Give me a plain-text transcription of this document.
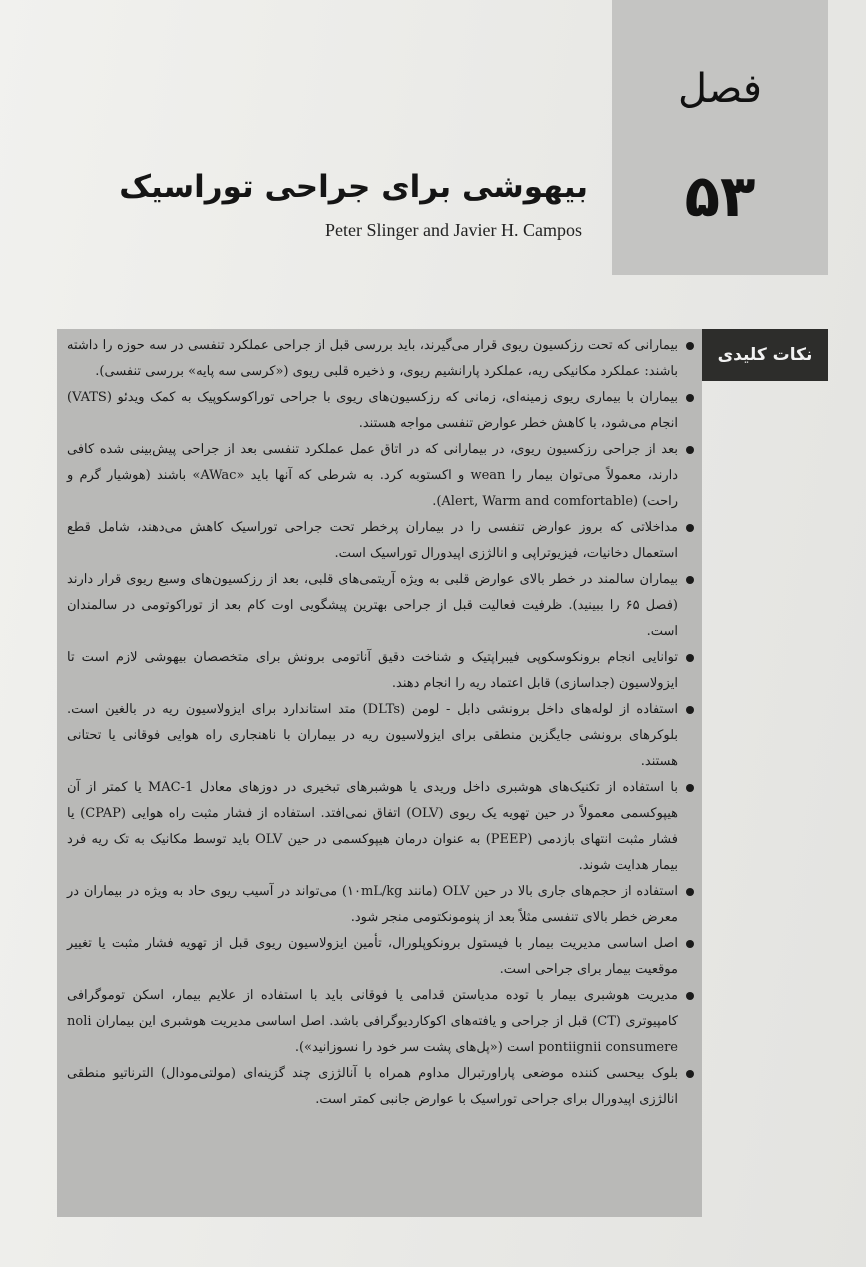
فصل
۵۳
بیهوشی برای جراحی توراسیک
Peter Slinger and Javier H. Campos
نکات کلیدی
بیمارانی که تحت رزکسیون ریوی قرار می‌گیرند، باید بررسی قبل از جراحی عملکرد تنفسی در سه حوزه را داشته باشند: عملکرد مکانیکی ریه، عملکرد پارانشیم ریوی، و ذخیره قلبی ریوی («کرسی سه پایه» بررسی تنفسی).
بیماران با بیماری ریوی زمینه‌ای، زمانی که رزکسیون‌های ریوی با جراحی توراکوسکوپیک به کمک ویدئو (VATS) انجام می‌شود، با کاهش خطر عوارض تنفسی مواجه هستند.
بعد از جراحی رزکسیون ریوی، در بیمارانی که در اتاق عمل عملکرد تنفسی بعد از جراحی پیش‌بینی شده کافی دارند، معمولاً می‌توان بیمار را wean و اکستوبه کرد. به شرطی که آنها باید «AWac» باشند (هوشیار گرم و راحت) (Alert, Warm and comfortable).
مداخلاتی که بروز عوارض تنفسی را در بیماران پرخطر تحت جراحی توراسیک کاهش می‌دهند، شامل قطع استعمال دخانیات، فیزیوتراپی و انالژزی اپیدورال توراسیک است.
بیماران سالمند در خطر بالای عوارض قلبی به ویژه آریتمی‌های قلبی، بعد از رزکسیون‌های وسیع ریوی قرار دارند (فصل ۶۵ را ببینید). ظرفیت فعالیت قبل از جراحی بهترین پیشگویی اوت کام بعد از توراکوتومی در سالمندان است.
توانایی انجام برونکوسکوپی فیبراپتیک و شناخت دقیق آناتومی برونش برای متخصصان بیهوشی لازم است تا ایزولاسیون (جداسازی) قابل اعتماد ریه را انجام دهند.
استفاده از لوله‌های داخل برونشی دابل - لومن (DLTs) متد استاندارد برای ایزولاسیون ریه در بالغین است. بلوکرهای برونشی جایگزین منطقی برای ایزولاسیون ریه در بیماران با ناهنجاری راه هوایی فوقانی یا تحتانی هستند.
با استفاده از تکنیک‌های هوشبری داخل وریدی یا هوشبرهای تبخیری در دوزهای معادل 1-MAC یا کمتر از آن هیپوکسمی معمولاً در حین تهویه یک ریوی (OLV) اتفاق نمی‌افتد. استفاده از فشار مثبت راه هوایی (CPAP) یا فشار مثبت انتهای بازدمی (PEEP) به عنوان درمان هیپوکسمی در حین OLV باید توسط مکانیک به تک ریه فرد بیمار هدایت شوند.
استفاده از حجم‌های جاری بالا در حین OLV (مانند ۱۰mL/kg) می‌تواند در آسیب ریوی حاد به ویژه در بیماران در معرض خطر بالای تنفسی مثلاً بعد از پنومونکتومی منجر شود.
اصل اساسی مدیریت بیمار با فیستول برونکوپلورال، تأمین ایزولاسیون ریوی قبل از تهویه فشار مثبت یا تغییر موقعیت بیمار برای جراحی است.
مدیریت هوشبری بیمار با توده مدیاستن قدامی یا فوقانی باید با استفاده از علایم بیمار، اسکن توموگرافی کامپیوتری (CT) قبل از جراحی و یافته‌های اکوکاردیوگرافی باشد. اصل اساسی مدیریت هوشبری این بیماران noli pontiignii consumere است («پل‌های پشت سر خود را نسوزانید»).
بلوک بیحسی کننده موضعی پاراورتبرال مداوم همراه با آنالژزی چند گزینه‌ای (مولتی‌مودال) الترناتیو منطقی انالژزی اپیدورال برای جراحی توراسیک با عوارض جانبی کمتر است.
